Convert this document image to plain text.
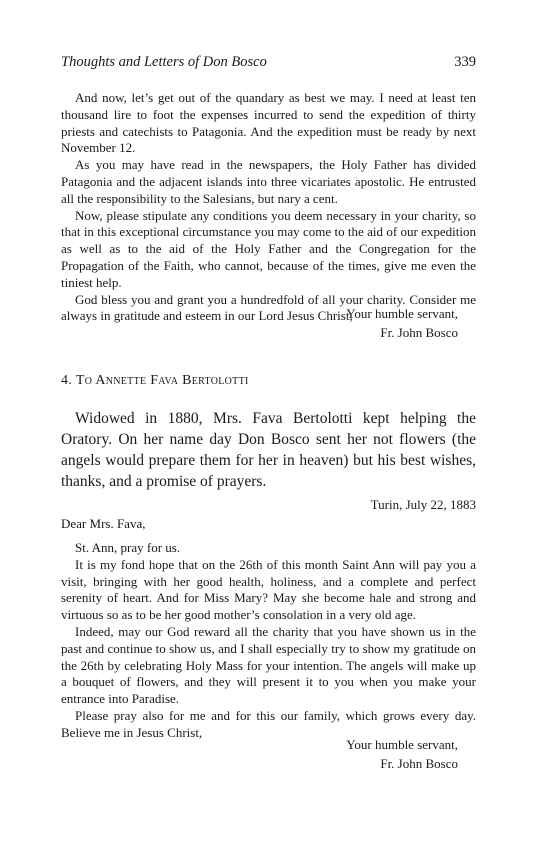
Thoughts and Letters of Don Bosco	339

And now, let’s get out of the quandary as best we may. I need at least ten thousand lire to foot the expenses incurred to send the expedition of thirty priests and catechists to Patagonia. And the expedition must be ready by next November 12.

As you may have read in the newspapers, the Holy Father has divided Patagonia and the adjacent islands into three vicariates apostolic. He entrusted all the responsibility to the Salesians, but nary a cent.

Now, please stipulate any conditions you deem necessary in your charity, so that in this exceptional circumstance you may come to the aid of our expedition as well as to the aid of the Holy Father and the Congregation for the Propagation of the Faith, who cannot, because of the times, give me even the tiniest help.

God bless you and grant you a hundredfold of all your charity. Consider me always in gratitude and esteem in our Lord Jesus Christ,

Your humble servant,
Fr. John Bosco
4. To Annette Fava Bertolotti

Widowed in 1880, Mrs. Fava Bertolotti kept helping the Oratory. On her name day Don Bosco sent her not flowers (the angels would prepare them for her in heaven) but his best wishes, thanks, and a promise of prayers.

Turin, July 22, 1883
Dear Mrs. Fava,

St. Ann, pray for us.

It is my fond hope that on the 26th of this month Saint Ann will pay you a visit, bringing with her good health, holiness, and a complete and perfect serenity of heart. And for Miss Mary? May she become hale and strong and virtuous so as to be her good mother’s consolation in a very old age.

Indeed, may our God reward all the charity that you have shown us in the past and continue to show us, and I shall especially try to show my gratitude on the 26th by celebrating Holy Mass for your intention. The angels will make up a bouquet of flowers, and they will present it to you when you make your entrance into Paradise.

Please pray also for me and for this our family, which grows every day. Believe me in Jesus Christ,

Your humble servant,
Fr. John Bosco
